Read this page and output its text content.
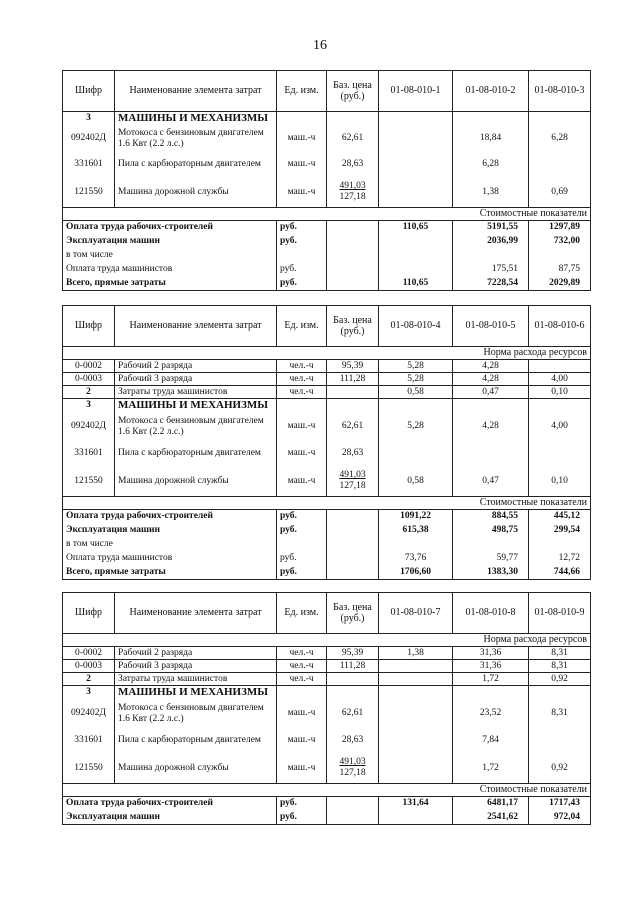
16
Шифр	Наименование элемента затрат	Ед. изм.	Баз. цена (руб.)	01-08-010-1	01-08-010-2	01-08-010-3
3	МАШИНЫ И МЕХАНИЗМЫ					
092402Д	Мотокоса с бензиновым двигателем 1.6 Квт (2.2 л.с.)	маш.-ч	62,61		18,84	6,28
331601	Пила с карбюраторным двигателем	маш.-ч	28,63		6,28	
121550	Машина дорожной службы	маш.-ч	491,03
127,18		1,38	0,69
Стоимостные показатели						
Оплата труда рабочих-строителей		руб.		110,65	5191,55	1297,89
Эксплуатация машин		руб.			2036,99	732,00
в том числе						
Оплата труда машинистов		руб.			175,51	87,75
Всего, прямые затраты		руб.		110,65	7228,54	2029,89
Шифр	Наименование элемента затрат	Ед. изм.	Баз. цена (руб.)	01-08-010-4	01-08-010-5	01-08-010-6
Норма расхода ресурсов						
0-0002	Рабочий 2 разряда	чел.-ч	95,39	5,28	4,28	
0-0003	Рабочий 3 разряда	чел.-ч	111,28	5,28	4,28	4,00
2	Затраты труда машинистов	чел.-ч		0,58	0,47	0,10
3	МАШИНЫ И МЕХАНИЗМЫ					
092402Д	Мотокоса с бензиновым двигателем 1.6 Квт (2.2 л.с.)	маш.-ч	62,61	5,28	4,28	4,00
331601	Пила с карбюраторным двигателем	маш.-ч	28,63			
121550	Машина дорожной службы	маш.-ч	491,03
127,18	0,58	0,47	0,10
Стоимостные показатели						
Оплата труда рабочих-строителей		руб.		1091,22	884,55	445,12
Эксплуатация машин		руб.		615,38	498,75	299,54
в том числе						
Оплата труда машинистов		руб.		73,76	59,77	12,72
Всего, прямые затраты		руб.		1706,60	1383,30	744,66
Шифр	Наименование элемента затрат	Ед. изм.	Баз. цена (руб.)	01-08-010-7	01-08-010-8	01-08-010-9
Норма расхода ресурсов						
0-0002	Рабочий 2 разряда	чел.-ч	95,39	1,38	31,36	8,31
0-0003	Рабочий 3 разряда	чел.-ч	111,28		31,36	8,31
2	Затраты труда машинистов	чел.-ч			1,72	0,92
3	МАШИНЫ И МЕХАНИЗМЫ					
092402Д	Мотокоса с бензиновым двигателем 1.6 Квт (2.2 л.с.)	маш.-ч	62,61		23,52	8,31
331601	Пила с карбюраторным двигателем	маш.-ч	28,63		7,84	
121550	Машина дорожной службы	маш.-ч	491,03
127,18		1,72	0,92
Стоимостные показатели						
Оплата труда рабочих-строителей		руб.		131,64	6481,17	1717,43
Эксплуатация машин		руб.			2541,62	972,04
